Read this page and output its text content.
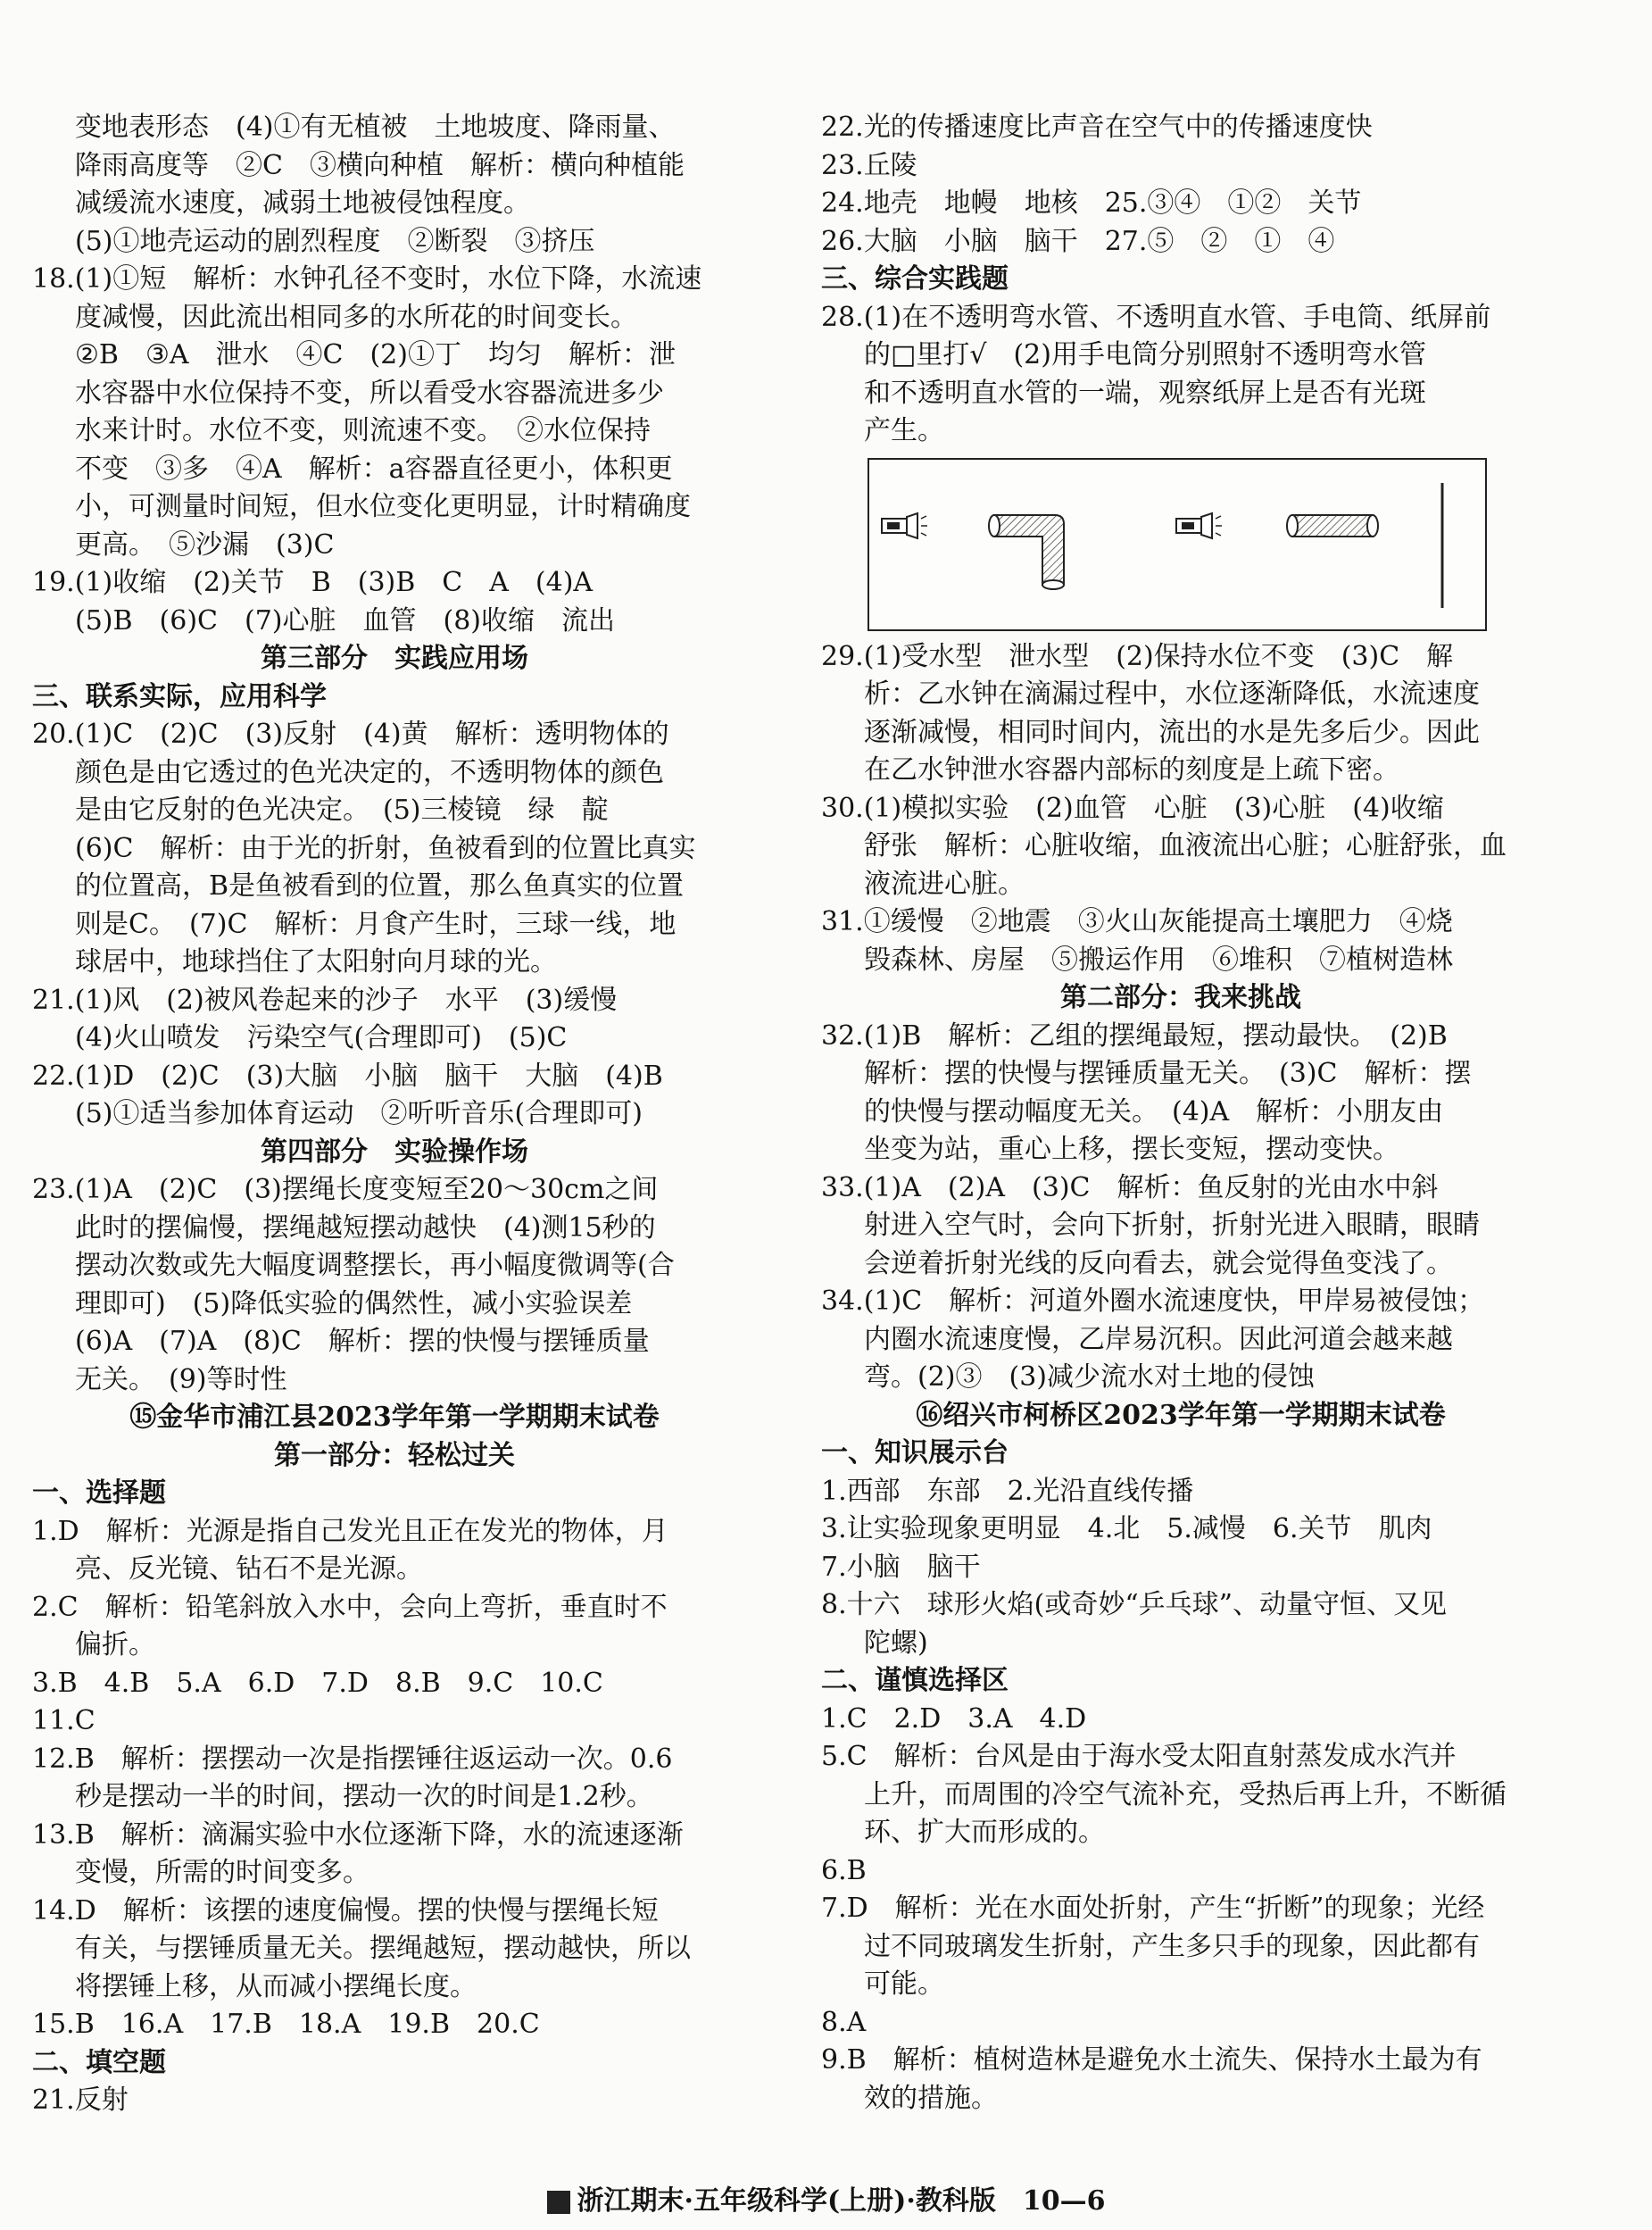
变地表形态　(4)①有无植被　土地坡度、降雨量、
降雨高度等　②C　③横向种植　解析：横向种植能
减缓流水速度，减弱土地被侵蚀程度。
(5)①地壳运动的剧烈程度　②断裂　③挤压
18.(1)①短　解析：水钟孔径不变时，水位下降，水流速
度减慢，因此流出相同多的水所花的时间变长。
②B　③A　泄水　④C　(2)①丁　均匀　解析：泄
水容器中水位保持不变，所以看受水容器流进多少
水来计时。水位不变，则流速不变。　②水位保持
不变　③多　④A　解析：a容器直径更小，体积更
小，可测量时间短，但水位变化更明显，计时精确度
更高。　⑤沙漏　(3)C
19.(1)收缩　(2)关节　B　(3)B　C　A　(4)A
(5)B　(6)C　(7)心脏　血管　(8)收缩　流出
第三部分　实践应用场
三、联系实际，应用科学
20.(1)C　(2)C　(3)反射　(4)黄　解析：透明物体的
颜色是由它透过的色光决定的，不透明物体的颜色
是由它反射的色光决定。　(5)三棱镜　绿　靛
(6)C　解析：由于光的折射，鱼被看到的位置比真实
的位置高，B是鱼被看到的位置，那么鱼真实的位置
则是C。　(7)C　解析：月食产生时，三球一线，地
球居中，地球挡住了太阳射向月球的光。
21.(1)风　(2)被风卷起来的沙子　水平　(3)缓慢
(4)火山喷发　污染空气(合理即可)　(5)C
22.(1)D　(2)C　(3)大脑　小脑　脑干　大脑　(4)B
(5)①适当参加体育运动　②听听音乐(合理即可)
第四部分　实验操作场
23.(1)A　(2)C　(3)摆绳长度变短至20～30cm之间
此时的摆偏慢，摆绳越短摆动越快　(4)测15秒的
摆动次数或先大幅度调整摆长，再小幅度微调等(合
理即可)　(5)降低实验的偶然性，减小实验误差
(6)A　(7)A　(8)C　解析：摆的快慢与摆锤质量
无关。　(9)等时性
⑮金华市浦江县2023学年第一学期期末试卷
第一部分：轻松过关
一、选择题
1.D　解析：光源是指自己发光且正在发光的物体，月
亮、反光镜、钻石不是光源。
2.C　解析：铅笔斜放入水中，会向上弯折，垂直时不
偏折。
3.B　4.B　5.A　6.D　7.D　8.B　9.C　10.C
11.C
12.B　解析：摆摆动一次是指摆锤往返运动一次。0.6
秒是摆动一半的时间，摆动一次的时间是1.2秒。
13.B　解析：滴漏实验中水位逐渐下降，水的流速逐渐
变慢，所需的时间变多。
14.D　解析：该摆的速度偏慢。摆的快慢与摆绳长短
有关，与摆锤质量无关。摆绳越短，摆动越快，所以
将摆锤上移，从而减小摆绳长度。
15.B　16.A　17.B　18.A　19.B　20.C
二、填空题
21.反射
22.光的传播速度比声音在空气中的传播速度快
23.丘陵
24.地壳　地幔　地核　25.③④　①②　关节
26.大脑　小脑　脑干　27.⑤　②　①　④
三、综合实践题
28.(1)在不透明弯水管、不透明直水管、手电筒、纸屏前
的□里打√　(2)用手电筒分别照射不透明弯水管
和不透明直水管的一端，观察纸屏上是否有光斑
产生。
29.(1)受水型　泄水型　(2)保持水位不变　(3)C　解
析：乙水钟在滴漏过程中，水位逐渐降低，水流速度
逐渐减慢，相同时间内，流出的水是先多后少。因此
在乙水钟泄水容器内部标的刻度是上疏下密。
30.(1)模拟实验　(2)血管　心脏　(3)心脏　(4)收缩
舒张　解析：心脏收缩，血液流出心脏；心脏舒张，血
液流进心脏。
31.①缓慢　②地震　③火山灰能提高土壤肥力　④烧
毁森林、房屋　⑤搬运作用　⑥堆积　⑦植树造林
第二部分：我来挑战
32.(1)B　解析：乙组的摆绳最短，摆动最快。　(2)B
解析：摆的快慢与摆锤质量无关。　(3)C　解析：摆
的快慢与摆动幅度无关。　(4)A　解析：小朋友由
坐变为站，重心上移，摆长变短，摆动变快。
33.(1)A　(2)A　(3)C　解析：鱼反射的光由水中斜
射进入空气时，会向下折射，折射光进入眼睛，眼睛
会逆着折射光线的反向看去，就会觉得鱼变浅了。
34.(1)C　解析：河道外圈水流速度快，甲岸易被侵蚀；
内圈水流速度慢，乙岸易沉积。因此河道会越来越
弯。(2)③　(3)减少流水对土地的侵蚀
⑯绍兴市柯桥区2023学年第一学期期末试卷
一、知识展示台
1.西部　东部　2.光沿直线传播
3.让实验现象更明显　4.北　5.减慢　6.关节　肌肉
7.小脑　脑干
8.十六　球形火焰(或奇妙“乒乓球”、动量守恒、又见
陀螺)
二、谨慎选择区
1.C　2.D　3.A　4.D
5.C　解析：台风是由于海水受太阳直射蒸发成水汽并
上升，而周围的冷空气流补充，受热后再上升，不断循
环、扩大而形成的。
6.B
7.D　解析：光在水面处折射，产生“折断”的现象；光经
过不同玻璃发生折射，产生多只手的现象，因此都有
可能。
8.A
9.B　解析：植树造林是避免水土流失、保持水土最为有
效的措施。
浙江期末·五年级科学(上册)·教科版　10—6
